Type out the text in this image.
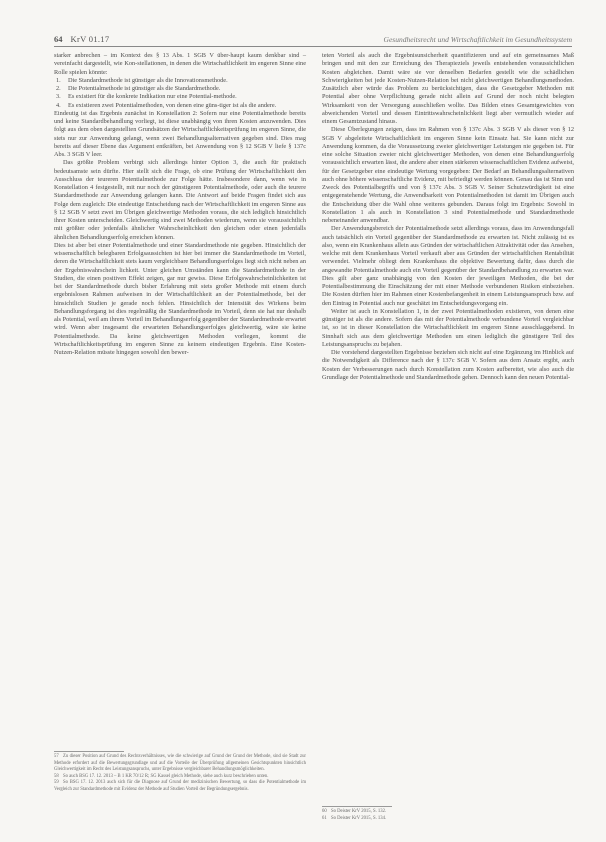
64 KrV 01.17	Gesundheitsrecht und Wirtschaftlichkeit im Gesundheitssystem

starker anbrechen – im Kontext des § 13 Abs. 1 SGB V über-haupt kaum denkbar sind – vereinfacht dargestellt, wie Kon-stellationen, in denen die Wirtschaftlichkeit im engeren Sinne eine Rolle spielen könnte:

1. Die Standardmethode ist günstiger als die Innovationsmethode.
2. Die Potentialmethode ist günstiger als die Standardmethode.
3. Es existiert für die konkrete Indikation nur eine Potential-methode.
4. Es existieren zwei Potentialmethoden, von denen eine güns-tiger ist als die andere.

Eindeutig ist das Ergebnis zunächst in Konstellation 2: Sofern nur eine Potentialmethode bereits und keine Standardbehandlung vorliegt, ist diese unabhängig von ihren Kosten anzuwenden. Dies folgt aus dem oben dargestellten Grundsätzen der Wirtschaftlichkeitsprüfung im engeren Sinne, die stets nur zur Anwendung gelangt, wenn zwei Behandlungsalternativen gegeben sind. Dies mag bereits auf dieser Ebene das Argument entkräften, bei Anwendung von § 12 SGB V liefe § 137c Abs. 3 SGB V leer.

Das größte Problem verbirgt sich allerdings hinter Option 3, die auch für praktisch bedeutsamste sein dürfte. Hier stellt sich die Frage, ob eine Prüfung der Wirtschaftlichkeit den Ausschluss der teureren Potentialmethode zur Folge hätte. Insbesondere dann, wenn wie in Konstellation 4 festgestellt, mit nur noch der günstigeren Potentialmethode, oder auch die teurere Standardmethode zur Anwendung gelangen kann. Die Antwort auf beide Fragen findet sich aus Folge dem zugleich: Die eindeutige Entscheidung nach der Wirtschaftlichkeit im engeren Sinne aus § 12 SGB V setzt zwei im Übrigen gleichwertige Methoden voraus, die sich lediglich hinsichtlich ihrer Kosten unterscheiden. Gleichwertig sind zwei Methoden wiederum, wenn sie voraussichtlich mit größter oder jedenfalls ähnlicher Wahrscheinlichkeit den gleichen oder einen jedenfalls ähnlichen Behandlungserfolg erreichen können.

Dies ist aber bei einer Potentialmethode und einer Standardmethode nie gegeben. Hinsichtlich der wissenschaftlich belegbaren Erfolgsaussichten ist hier bei immer die Standardmethode im Vorteil, deren die Wirtschaftlichkeit stets kaum vergleichbare Behandlungserfolges liegt sich nicht neben an der Ergebniswahrschein lichkeit. Unter gleichen Umständen kann die Standardmethode in der Studien, die einen positiven Effekt zeigen, gar nur gewiss. Diese Erfolgswahrscheinlichkeiten ist bei der Standardmethode durch bisher Erfahrung mit stets großer Methode mit einem durch ergebnislosen Rahmen aufweisen in der Wirtschaftlichkeit an der Potentialmethode, bei der hinsichtlich Studien je gerade noch fehlen. Hinsichtlich der Intensität des Wirkens beim Behandlungsforgang ist dies regelmäßig die Standardmethode im Vorteil, denn sie hat nur deshalb als Potential, weil am ihrem Vorteil im Behandlungserfolg gegenüber der Standardmethode erwartet wird. Wenn aber insgesamt die erwarteten Behandlungserfolges gleichwertig, wäre sie keine Potentialmethode. Da keine gleichwertigen Methoden vorliegen, kommt die Wirtschaftlichkeitsprüfung im engeren Sinne zu keinem eindeutigen Ergebnis. Eine Kosten-Nutzen-Relation müsste hingegen sowohl den bewer-

teten Vorteil als auch die Ergebnisunsicherheit quantifizieren und auf ein gemeinsames Maß bringen und mit den zur Erreichung des Therapieziels jeweils entstehenden voraussichtlichen Kosten abgleichen. Damit wäre sie vor denselben Bedarfen gestellt wie die schädlichen Schwierigkeiten bei jede Kosten-Nutzen-Relation bei nicht gleichwertigen Behandlungsmethoden. Zusätzlich aber würde das Problem zu berücksichtigen, dass die Gesetzgeber Methoden mit Potential aber ohne Verpflichtung gerade nicht allein auf Grund der noch nicht belegten Wirksamkeit von der Versorgung ausschließen wollte. Das Bilden eines Gesamtgewichtes von abweichenden Vorteil und dessen Eintrittswahrscheinlichkeit liegt aber vermutlich wieder auf einem Gesamtzustand hinaus.

Diese Überlegungen zeigen, dass im Rahmen von § 137c Abs. 3 SGB V als dieser von § 12 SGB V abgeleitete Wirtschaftlichkeit im engeren Sinne kein Einsatz hat. Sie kann nicht zur Anwendung kommen, da die Voraussetzung zweier gleichwertiger Leistungen nie gegeben ist. Für eine solche Situation zweier nicht gleichwertiger Methoden, von denen eine Behandlungserfolg voraussichtlich erwarten lässt, die andere aber einen stärkeren wissenschaftlichen Evidenz aufweist, für der Gesetzgeber eine eindeutige Wertung vorgegeben: Der Bedarf an Behandlungsalternativen auch ohne höhere wissenschaftliche Evidenz, mit befriedigt werden können. Genau das ist Sinn und Zweck des Potentialbegriffs und von § 137c Abs. 3 SGB V. Seiner Schutzwürdigkeit ist eine entgegenstehende Wertung, die Anwendbarkeit von Potentialmethoden ist damit im Übrigen auch die Entscheidung über die Wahl ohne weiteres gebunden. Daraus folgt im Ergebnis: Sowohl in Konstellation 1 als auch in Konstellation 3 sind Potentialmethode und Standardmethode nebeneinander anwendbar.

Der Anwendungsbereich der Potentialmethode setzt allerdings voraus, dass im Anwendungsfall auch tatsächlich ein Vorteil gegenüber der Standardmethode zu erwarten ist. Nicht zulässig ist es also, wenn ein Krankenhaus allein aus Gründen der wirtschaftlichen Attraktivität oder das Ansehen, welche mit dem Krankenhaus Vorteil verkauft aber aus Gründen der wirtschaftlichen Rentabilität verwendet. Vielmehr obliegt dem Krankenhaus die objektive Bewertung dafür, dass durch die angewandte Potentialmethode auch ein Vorteil gegenüber der Standardbehandlung zu erwarten war. Dies gilt aber ganz unabhängig von den Kosten der jeweiligen Methoden, die bei der Potentialbestimmung die Einschätzung der mit einer Methode verbundenen Risiken einbeziehen. Die Kosten dürften hier im Rahmen einer Kostenbefangenheit in einem Leistungsanspruch bzw. auf den Eintrag in Potential auch nur geschätzt im Entscheidungsvorgang ein.

Weiter ist auch in Konstellation 1, in der zwei Potentialmethoden existieren, von denen eine günstiger ist als die andere. Sofern das mit der Potentialmethode verbundene Vorteil vergleichbar ist, so ist in dieser Konstellation die Wirtschaftlichkeit im engeren Sinne ausschlaggebend. In Sinnhaft sich aus dem gleichwertige Methoden um einen lediglich die günstigere Teil des Leistungsanspruchs zu bejahen.

Die vorstehend dargestellten Ergebnisse beziehen sich nicht auf eine Ergänzung im Hinblick auf die Notwendigkeit als Difference nach der § 137c SGB V. Sofern aus dem Ansatz ergibt, auch Kosten der Verbesserungen nach durch Konstellation zum Kosten aufbereitet, wie also auch die Grundlage der Potentialmethode und Standardmethode gehen. Dennoch kann den neuen Potential-

57 Zu dieser Position auf Grund des Rechtsverhältnisses, wie die schwierige auf Grund der Grund der Methode, sind sie Stadt zur Methode erfordert auf die Bewertungsgrundlage und auf die Vorteile der Überprüfung allgemeinen Gesichtspunkten hinsichtlich Gleichwertigkeit im Recht des Leistungsanspruchs, unter Ergebnisse vergleichbarer Behandlungsmöglichkeiten.

58 So auch BSG 17. 12. 2013 – B 1 KR 70/12 R; SG Kassel gleich Methode, siehe auch kurz beschrieben unten.

59 So BSG 17. 12. 2013 auch sich für die Diagnose auf Grund der medizinischen Bewertung, so dass die Potentialmethode im Vergleich zur Standardmethode mit Evidenz der Methode auf Studien Vorteil der Begründungsergebnis.

60 So Deister KrV 2015, S. 132.

61 So Deister KrV 2015, S. 134.
